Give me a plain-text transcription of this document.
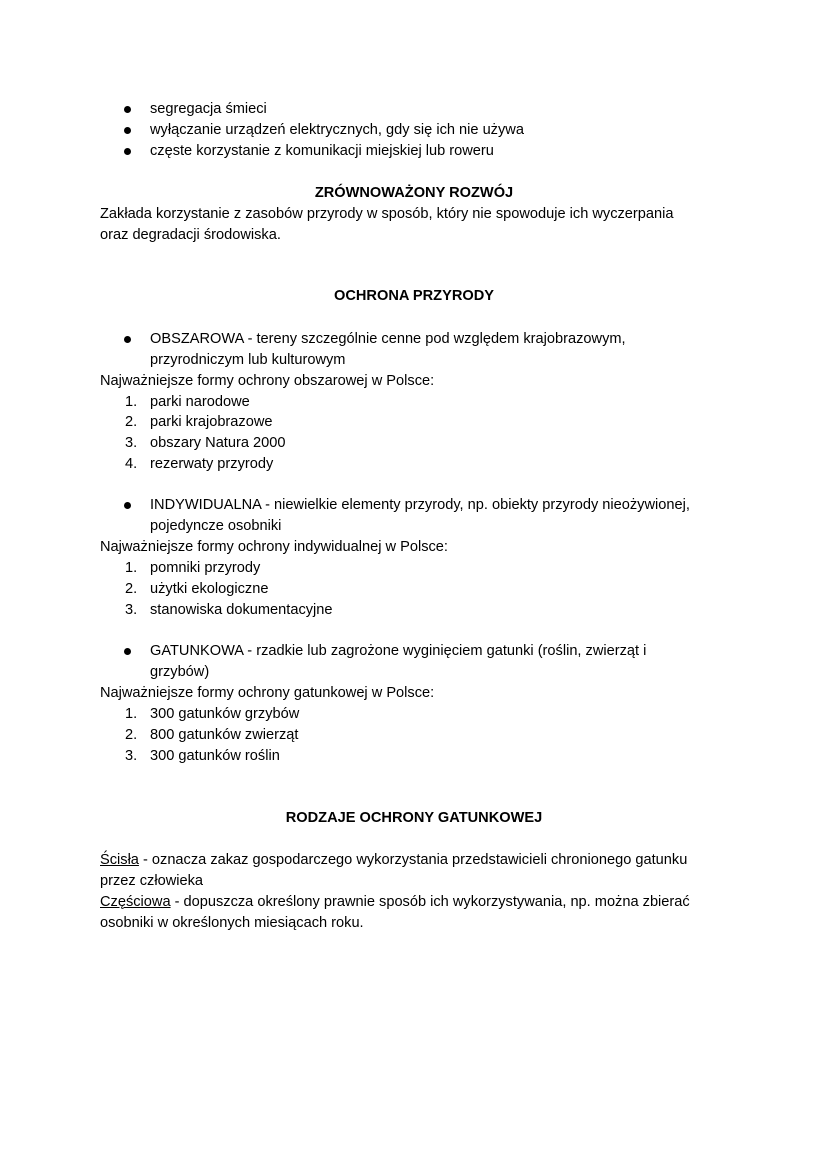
segregacja śmieci
wyłączanie urządzeń elektrycznych, gdy się ich nie używa
częste korzystanie z komunikacji miejskiej lub roweru
ZRÓWNOWAŻONY ROZWÓJ
Zakłada korzystanie z zasobów przyrody w sposób, który nie spowoduje ich wyczerpania
oraz degradacji środowiska.
OCHRONA PRZYRODY
OBSZAROWA - tereny szczególnie cenne pod względem krajobrazowym,
przyrodniczym lub kulturowym
Najważniejsze formy ochrony obszarowej w Polsce:
1. parki narodowe
2. parki krajobrazowe
3. obszary Natura 2000
4. rezerwaty przyrody
INDYWIDUALNA - niewielkie elementy przyrody, np. obiekty przyrody nieożywionej,
pojedyncze osobniki
Najważniejsze formy ochrony indywidualnej w Polsce:
1. pomniki przyrody
2. użytki ekologiczne
3. stanowiska dokumentacyjne
GATUNKOWA - rzadkie lub zagrożone wyginięciem gatunki (roślin, zwierząt i
grzybów)
Najważniejsze formy ochrony gatunkowej w Polsce:
1. 300 gatunków grzybów
2. 800 gatunków zwierząt
3. 300 gatunków roślin
RODZAJE OCHRONY GATUNKOWEJ
Ścisła - oznacza zakaz gospodarczego wykorzystania przedstawicieli chronionego gatunku
przez człowieka
Częściowa - dopuszcza określony prawnie sposób ich wykorzystywania, np. można zbierać
osobniki w określonych miesiącach roku.
